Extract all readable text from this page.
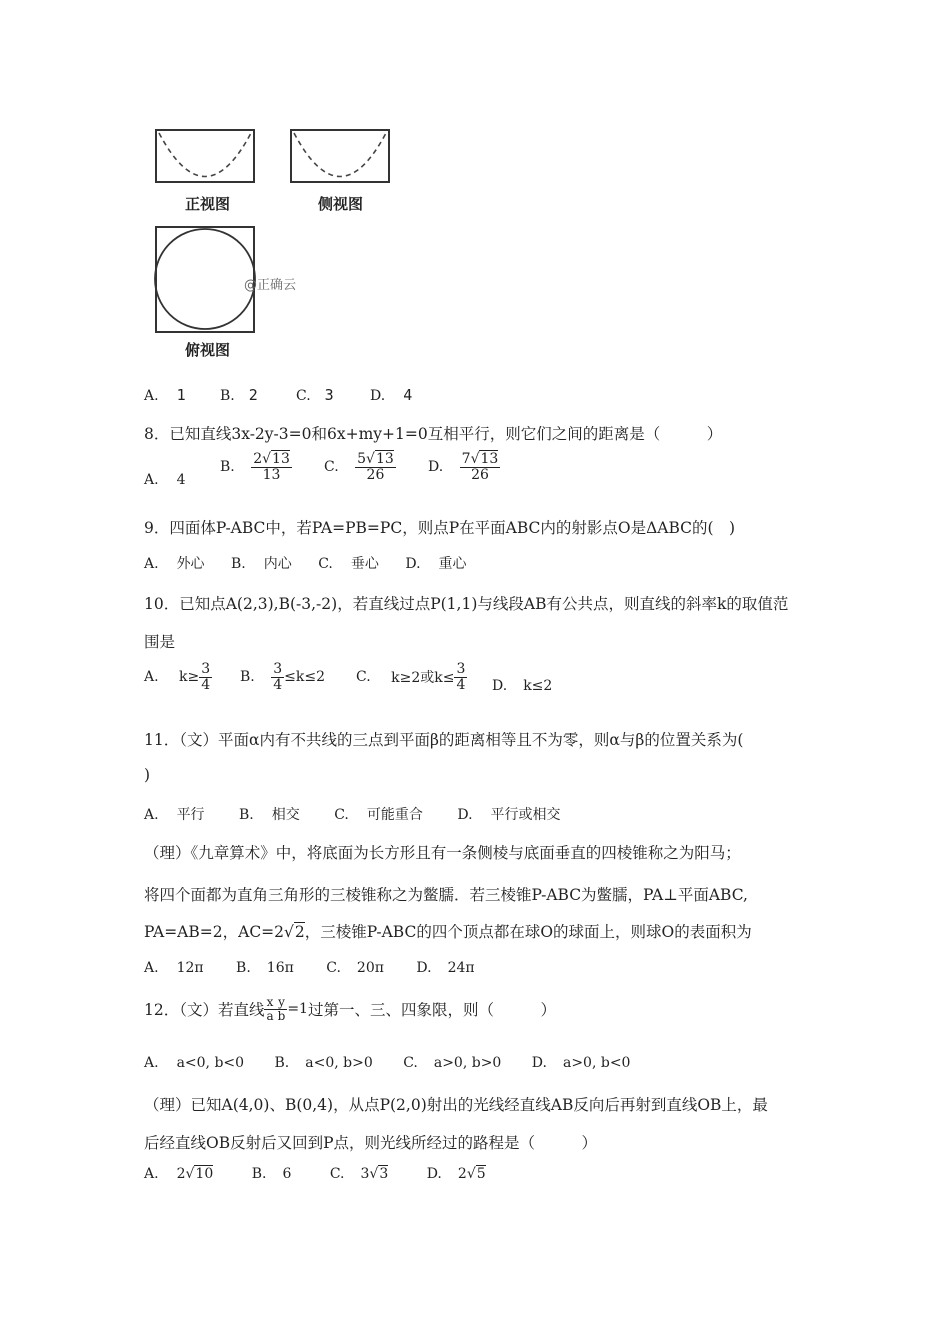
正视图	侧视图
@正确云
俯视图
A. 1 B. 2	C. 3	D. 4
8．已知直线3x-2y-3=0和6x+my+1=0互相平行，则它们之间的距离是（　　　）
A. 4
B. $\frac{2√13}{13} C$. $\frac{5√13}{26} D$. $\frac{7√13}{26}$
9．四面体P-ABC中，若PA=PB=PC，则点P在平面ABC内的射影点O是ΔABC的(　)
A. 外心 B. 内心 C. 垂心 D. 重心
10．已知点A(2,3),B(-3,-2)，若直线过点P(1,1)与线段AB有公共点，则直线的斜率k的取值范
围是
A. $k\ge \frac{3}{4} B$. $\frac{3}{4} \le k\le 2$ C. k≥2或$k\le \frac{3}{4} D$. k≤2
11．（文）平面α内有不共线的三点到平面β的距离相等且不为零，则α与β的位置关系为(
)
A. 平行 B. 相交 C. 可能重合 D. 平行或相交
（理）《九章算术》中，将底面为长方形且有一条侧棱与底面垂直的四棱锥称之为阳马；
将四个面都为直角三角形的三棱锥称之为鳖臑．若三棱锥P-ABC为鳖臑，PA⊥平面ABC,
PA=AB=2，AC=2√2，三棱锥P-ABC的四个顶点都在球O的球面上，则球O的表面积为
A. 12π B. 16π C. 20π D. 24π
12．（文）若直线 $\frac{x}{a} \frac{y}{b} =1$过第一、三、四象限，则（　　　）
A. a<0, b<0 B. a<0, b>0 C. a>0, b>0 D. a>0, b<0
（理）已知A(4,0)、B(0,4)，从点P(2,0)射出的光线经直线AB反向后再射到直线OB上，最
后经直线OB反射后又回到P点，则光线所经过的路程是（　　　）
A. 2√10	B. 6	C. 3√3	D. 2√5
